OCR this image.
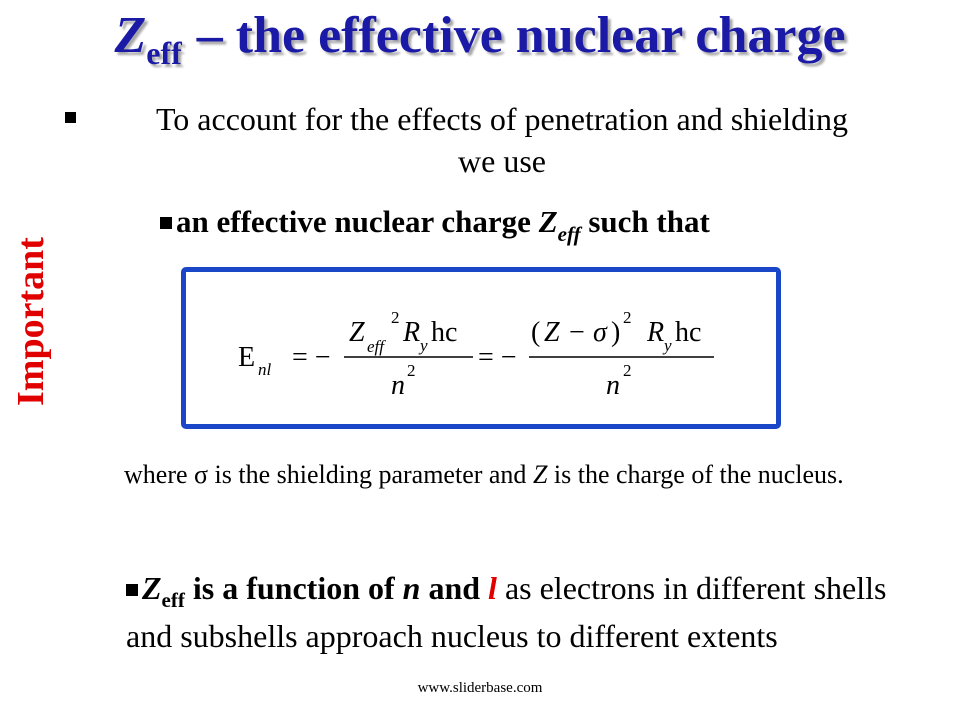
$Z_{eff}$ – the effective nuclear charge
To account for the effects of penetration and shielding
we use
Important
an effective nuclear charge $Z_{eff}$ such that
E nl = −
Z eff
2 R y hc
n 2 = −
( Z − σ ) 2 R y hc
n 2
where σ is the shielding parameter and Z is the charge of the nucleus.
$Z_{eff}$ is a function of n and l as electrons in different shells and subshells approach nucleus to different extents
www.sliderbase.com
